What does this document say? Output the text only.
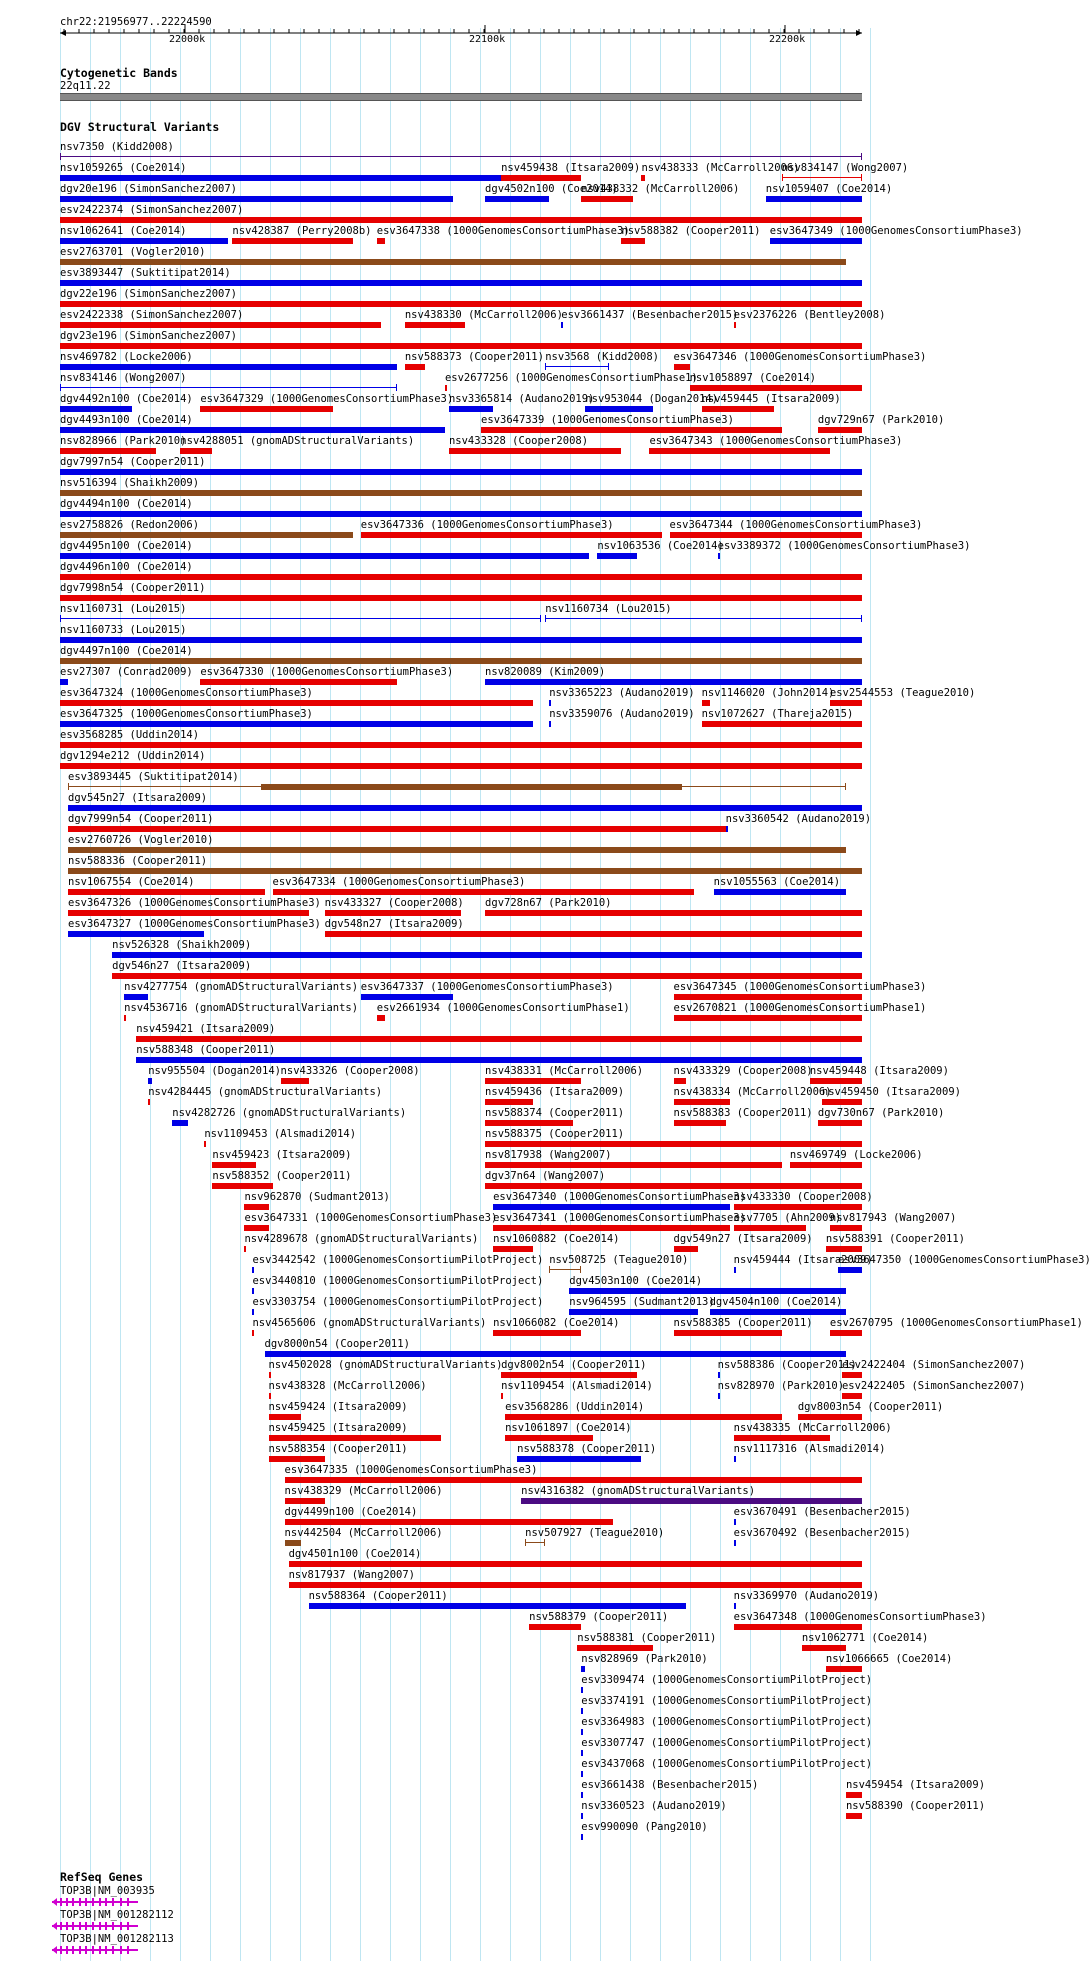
chr22:21956977..22224590
22000k	22100k	22200k
Cytogenetic Bands
22q11.22
DGV Structural Variants
nsv7350 (Kidd2008)
nsv1059265 (Coe2014)	nsv459438 (Itsara2009) nsv438333 (McCarroll2006)
nsv834147 (Wong2007)
dgv20e196 (SimonSanchez2007)	dgv4502n100 (Coe2014)
nsv438332 (McCarroll2006)	nsv1059407 (Coe2014)
esv2422374 (SimonSanchez2007)
nsv1062641 (Coe2014)	nsv428387 (Perry2008b) esv3647338 (1000GenomesConsortiumPhase3)
nsv588382 (Cooper2011) esv3647349 (1000GenomesConsortiumPhase3)
esv2763701 (Vogler2010)
esv3893447 (Suktitipat2014)
dgv22e196 (SimonSanchez2007)
esv2422338 (SimonSanchez2007)	nsv438330 (McCarroll2006)
esv3661437 (Besenbacher2015)
esv2376226 (Bentley2008)
dgv23e196 (SimonSanchez2007)
nsv469782 (Locke2006)	nsv588373 (Cooper2011) nsv3568 (Kidd2008) esv3647346 (1000GenomesConsortiumPhase3)
nsv834146 (Wong2007)	esv2677256 (1000GenomesConsortiumPhase1)
nsv1058897 (Coe2014)
dgv4492n100 (Coe2014) esv3647329 (1000GenomesConsortiumPhase3)
nsv3365814 (Audano2019)
nsv953044 (Dogan2014)
nsv459445 (Itsara2009)
dgv4493n100 (Coe2014)	esv3647339 (1000GenomesConsortiumPhase3)	dgv729n67 (Park2010)
nsv828966 (Park2010)
nsv4288051 (gnomADStructuralVariants)	nsv433328 (Cooper2008)	esv3647343 (1000GenomesConsortiumPhase3)
dgv7997n54 (Cooper2011)
nsv516394 (Shaikh2009)
dgv4494n100 (Coe2014)
esv2758826 (Redon2006)	esv3647336 (1000GenomesConsortiumPhase3)	esv3647344 (1000GenomesConsortiumPhase3)
dgv4495n100 (Coe2014)	nsv1063536 (Coe2014)
esv3389372 (1000GenomesConsortiumPhase3)
dgv4496n100 (Coe2014)
dgv7998n54 (Cooper2011)
nsv1160731 (Lou2015)	nsv1160734 (Lou2015)
nsv1160733 (Lou2015)
dgv4497n100 (Coe2014)
esv27307 (Conrad2009) esv3647330 (1000GenomesConsortiumPhase3)	nsv820089 (Kim2009)
esv3647324 (1000GenomesConsortiumPhase3)	nsv3365223 (Audano2019) nsv1146020 (John2014)
esv2544553 (Teague2010)
esv3647325 (1000GenomesConsortiumPhase3)	nsv3359076 (Audano2019) nsv1072627 (Thareja2015)
esv3568285 (Uddin2014)
dgv1294e212 (Uddin2014)
esv3893445 (Suktitipat2014)
dgv545n27 (Itsara2009)
dgv7999n54 (Cooper2011)	nsv3360542 (Audano2019)
esv2760726 (Vogler2010)
nsv588336 (Cooper2011)
nsv1067554 (Coe2014)	esv3647334 (1000GenomesConsortiumPhase3)	nsv1055563 (Coe2014)
esv3647326 (1000GenomesConsortiumPhase3) nsv433327 (Cooper2008) dgv728n67 (Park2010)
esv3647327 (1000GenomesConsortiumPhase3) dgv548n27 (Itsara2009)
nsv526328 (Shaikh2009)
dgv546n27 (Itsara2009)
nsv4277754 (gnomADStructuralVariants) esv3647337 (1000GenomesConsortiumPhase3)	esv3647345 (1000GenomesConsortiumPhase3)
nsv4536716 (gnomADStructuralVariants) esv2661934 (1000GenomesConsortiumPhase1)	esv2670821 (1000GenomesConsortiumPhase1)
nsv459421 (Itsara2009)
nsv588348 (Cooper2011)
nsv955504 (Dogan2014) nsv433326 (Cooper2008)	nsv438331 (McCarroll2006)	nsv433329 (Cooper2008)
nsv459448 (Itsara2009)
nsv4284445 (gnomADStructuralVariants)	nsv459436 (Itsara2009)	nsv438334 (McCarroll2006)
nsv459450 (Itsara2009)
nsv4282726 (gnomADStructuralVariants)	nsv588374 (Cooper2011)	nsv588383 (Cooper2011) dgv730n67 (Park2010)
nsv1109453 (Alsmadi2014)	nsv588375 (Cooper2011)
nsv459423 (Itsara2009)	nsv817938 (Wang2007)	nsv469749 (Locke2006)
nsv588352 (Cooper2011)	dgv37n64 (Wang2007)
nsv962870 (Sudmant2013)	esv3647340 (1000GenomesConsortiumPhase3)
nsv433330 (Cooper2008)
esv3647331 (1000GenomesConsortiumPhase3)
esv3647341 (1000GenomesConsortiumPhase3)
esv7705 (Ahn2009)
nsv817943 (Wang2007)
nsv4289678 (gnomADStructuralVariants) nsv1060882 (Coe2014)	dgv549n27 (Itsara2009) nsv588391 (Cooper2011)
esv3442542 (1000GenomesConsortiumPilotProject) nsv508725 (Teague2010)	nsv459444 (Itsara2009)
esv3647350 (1000GenomesConsortiumPhase3)
esv3440810 (1000GenomesConsortiumPilotProject) dgv4503n100 (Coe2014)
esv3303754 (1000GenomesConsortiumPilotProject) nsv964595 (Sudmant2013)
dgv4504n100 (Coe2014)
nsv4565606 (gnomADStructuralVariants) nsv1066082 (Coe2014)	nsv588385 (Cooper2011) esv2670795 (1000GenomesConsortiumPhase1)
dgv8000n54 (Cooper2011)
nsv4502028 (gnomADStructuralVariants)
dgv8002n54 (Cooper2011)	nsv588386 (Cooper2011)
esv2422404 (SimonSanchez2007)
nsv438328 (McCarroll2006)	nsv1109454 (Alsmadi2014)	nsv828970 (Park2010)
esv2422405 (SimonSanchez2007)
nsv459424 (Itsara2009)	esv3568286 (Uddin2014)	dgv8003n54 (Cooper2011)
nsv459425 (Itsara2009)	nsv1061897 (Coe2014)	nsv438335 (McCarroll2006)
nsv588354 (Cooper2011)	nsv588378 (Cooper2011)	nsv1117316 (Alsmadi2014)
esv3647335 (1000GenomesConsortiumPhase3)
nsv438329 (McCarroll2006)	nsv4316382 (gnomADStructuralVariants)
dgv4499n100 (Coe2014)	esv3670491 (Besenbacher2015)
nsv442504 (McCarroll2006)	nsv507927 (Teague2010)	esv3670492 (Besenbacher2015)
dgv4501n100 (Coe2014)
nsv817937 (Wang2007)
nsv588364 (Cooper2011)	nsv3369970 (Audano2019)
nsv588379 (Cooper2011)	esv3647348 (1000GenomesConsortiumPhase3)
nsv588381 (Cooper2011)	nsv1062771 (Coe2014)
nsv828969 (Park2010)	nsv1066665 (Coe2014)
esv3309474 (1000GenomesConsortiumPilotProject)
esv3374191 (1000GenomesConsortiumPilotProject)
esv3364983 (1000GenomesConsortiumPilotProject)
esv3307747 (1000GenomesConsortiumPilotProject)
esv3437068 (1000GenomesConsortiumPilotProject)
esv3661438 (Besenbacher2015)	nsv459454 (Itsara2009)
nsv3360523 (Audano2019)	nsv588390 (Cooper2011)
esv990090 (Pang2010)
RefSeq Genes
TOP3B|NM_003935
TOP3B|NM_001282112
TOP3B|NM_001282113
